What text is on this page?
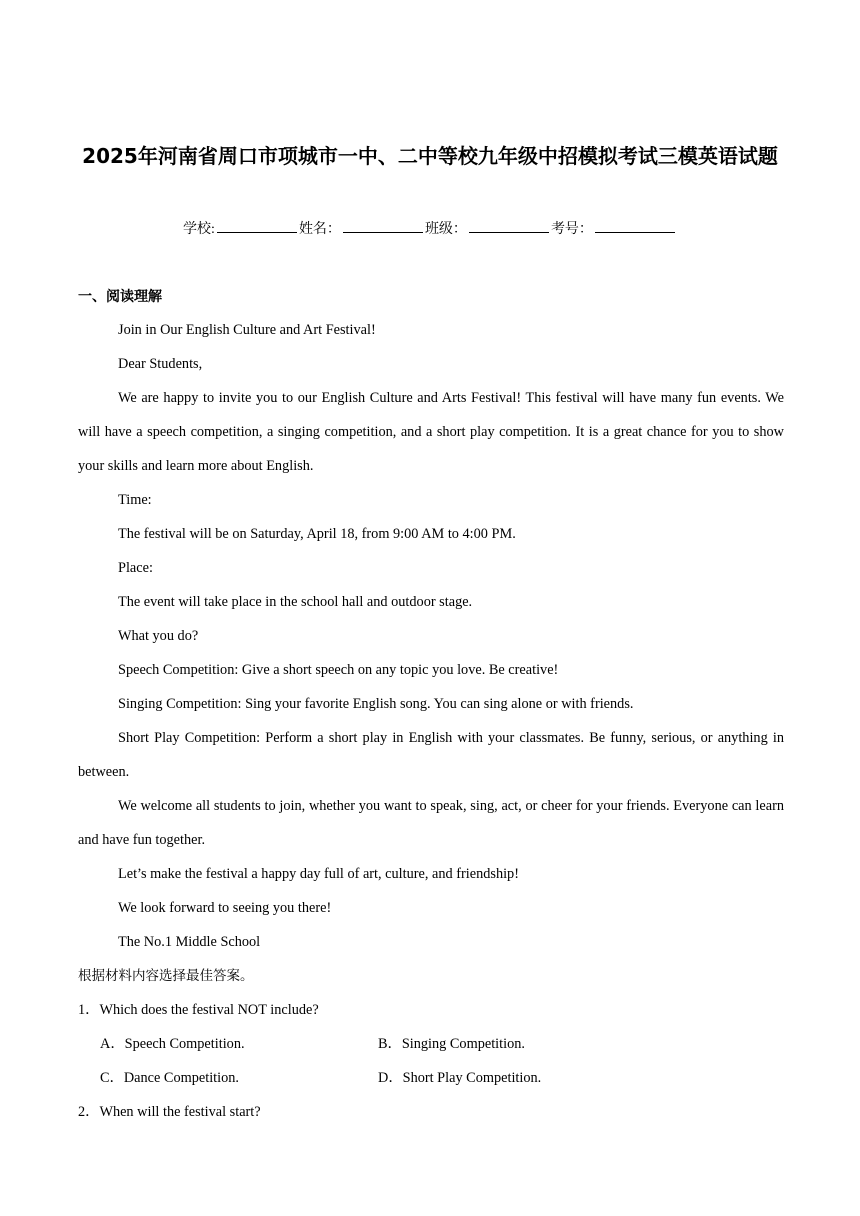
2025年河南省周口市项城市一中、二中等校九年级中招模拟考试三模英语试题
学校:	姓名：	班级：	考号：
一、阅读理解

Join in Our English Culture and Art Festival!

Dear Students,

We are happy to invite you to our English Culture and Arts Festival! This festival will have many fun events. We will have a speech competition, a singing competition, and a short play competition. It is a great chance for you to show your skills and learn more about English.

Time:

The festival will be on Saturday, April 18, from 9:00 AM to 4:00 PM.

Place:

The event will take place in the school hall and outdoor stage.

What you do?

Speech Competition: Give a short speech on any topic you love. Be creative!

Singing Competition: Sing your favorite English song. You can sing alone or with friends.

Short Play Competition: Perform a short play in English with your classmates. Be funny, serious, or anything in between.

We welcome all students to join, whether you want to speak, sing, act, or cheer for your friends. Everyone can learn and have fun together.

Let’s make the festival a happy day full of art, culture, and friendship!

We look forward to seeing you there!

The No.1 Middle School

根据材料内容选择最佳答案。

1．Which does the festival NOT include?

A．Speech Competition.	B．Singing Competition.
C．Dance Competition.	D．Short Play Competition.

2．When will the festival start?
